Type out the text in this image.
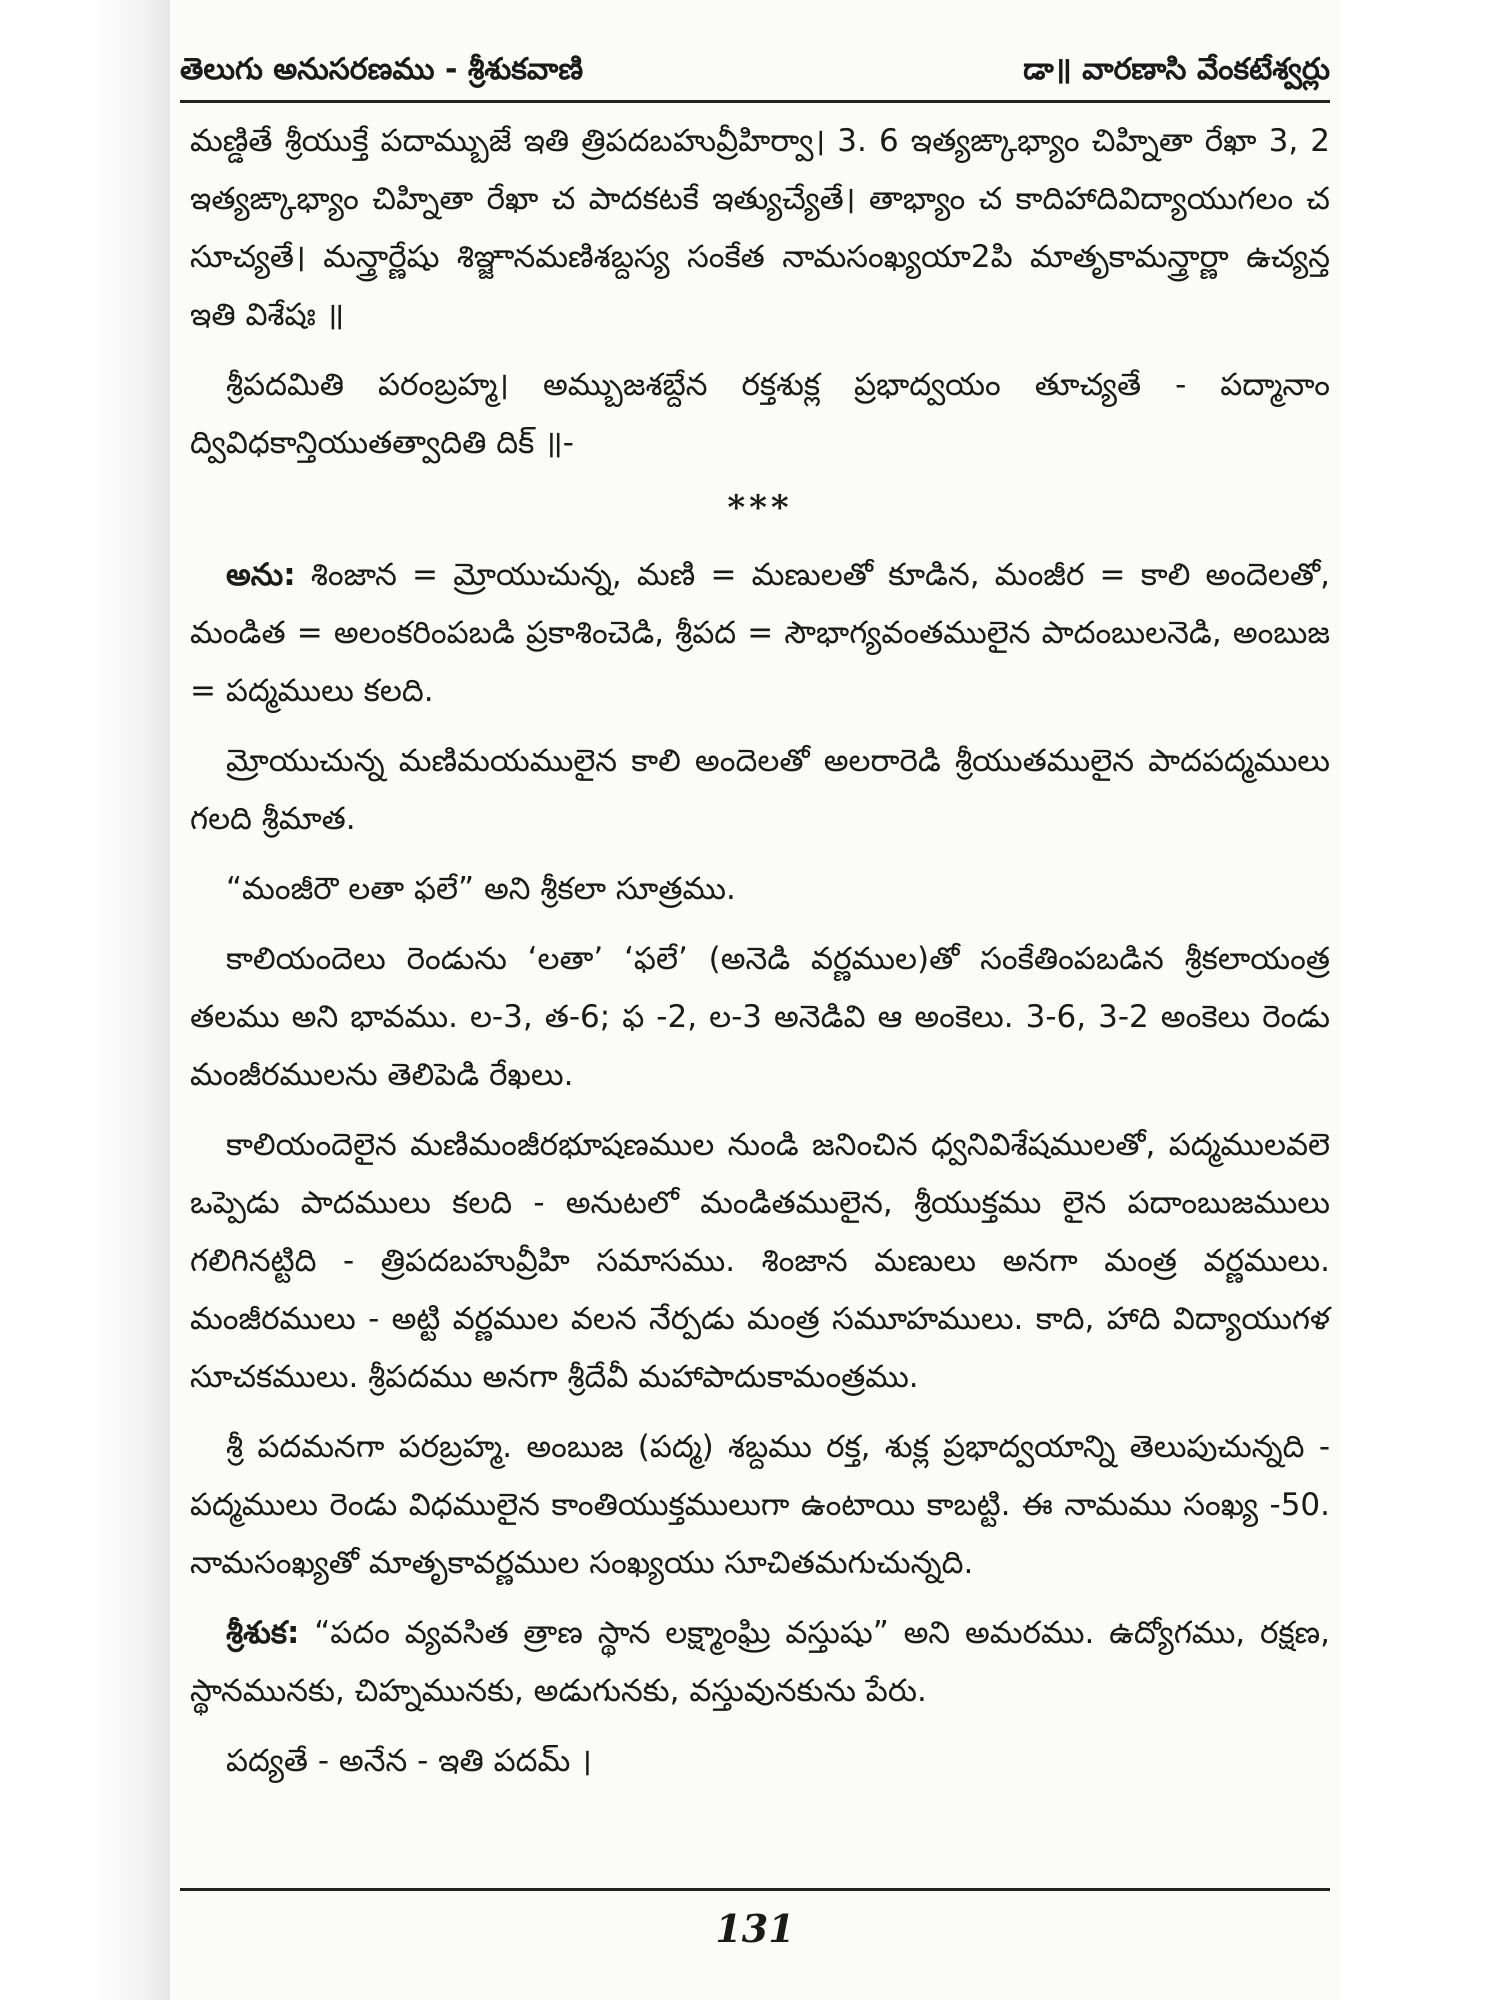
తెలుగు అనుసరణము - శ్రీశుకవాణి	డా॥ వారణాసి వేంకటేశ్వర్లు

మణ్డితే శ్రీయుక్తే పదామ్బుజే ఇతి త్రిపదబహువ్రీహిర్వా। 3. 6 ఇత్యఙ్కాభ్యాం చిహ్నితా రేఖా 3, 2 ఇత్యఙ్కాభ్యాం చిహ్నితా రేఖా చ పాదకటకే ఇత్యుచ్యేతే। తాభ్యాం చ కాదిహాదివిద్యాయుగలం చ సూచ్యతే। మన్త్రార్ణేషు శిఞ్జానమణిశబ్దస్య సంకేత నామసంఖ్యయా2పి మాతృకామన్త్రార్ణా ఉచ్యన్త ఇతి విశేషః ॥

శ్రీపదమితి పరంబ్రహ్మ। అమ్బుజశబ్దేన రక్తశుక్ల ప్రభాద్వయం తూచ్యతే - పద్మానాం ద్వివిధకాన్తియుతత్వాదితి దిక్ ॥-

***

అను: శింజాన = మ్రోయుచున్న, మణి = మణులతో కూడిన, మంజీర = కాలి అందెలతో, మండిత = అలంకరింపబడి ప్రకాశించెడి, శ్రీపద = సౌభాగ్యవంతములైన పాదంబులనెడి, అంబుజ = పద్మములు కలది.

మ్రోయుచున్న మణిమయములైన కాలి అందెలతో అలరారెడి శ్రీయుతములైన పాదపద్మములు గలది శ్రీమాత.

“మంజీరౌ లతా ఫలే” అని శ్రీకలా సూత్రము.

కాలియందెలు రెండును ‘లతా’ ‘ఫలే’ (అనెడి వర్ణముల)తో సంకేతింపబడిన శ్రీకలాయంత్ర తలము అని భావము. ల-3, త-6; ఫ -2, ల-3 అనెడివి ఆ అంకెలు. 3-6, 3-2 అంకెలు రెండు మంజీరములను తెలిపెడి రేఖలు.

కాలియందెలైన మణిమంజీరభూషణముల నుండి జనించిన ధ్వనివిశేషములతో, పద్మములవలె ఒప్పెడు పాదములు కలది - అనుటలో మండితములైన, శ్రీయుక్తము లైన పదాంబుజములు గలిగినట్టిది - త్రిపదబహువ్రీహి సమాసము. శింజాన మణులు అనగా మంత్ర వర్ణములు. మంజీరములు - అట్టి వర్ణముల వలన నేర్పడు మంత్ర సమూహములు. కాది, హాది విద్యాయుగళ సూచకములు. శ్రీపదము అనగా శ్రీదేవీ మహాపాదుకామంత్రము.

శ్రీ పదమనగా పరబ్రహ్మ. అంబుజ (పద్మ) శబ్దము రక్త, శుక్ల ప్రభాద్వయాన్ని తెలుపుచున్నది - పద్మములు రెండు విధములైన కాంతియుక్తములుగా ఉంటాయి కాబట్టి. ఈ నామము సంఖ్య -50. నామసంఖ్యతో మాతృకావర్ణముల సంఖ్యయు సూచితమగుచున్నది.

శ్రీశుక: “పదం వ్యవసిత త్రాణ స్థాన లక్ష్మాంఘ్రి వస్తుషు” అని అమరము. ఉద్యోగము, రక్షణ, స్థానమునకు, చిహ్నమునకు, అడుగునకు, వస్తువునకును పేరు.

పద్యతే - అనేన - ఇతి పదమ్ ।

131
